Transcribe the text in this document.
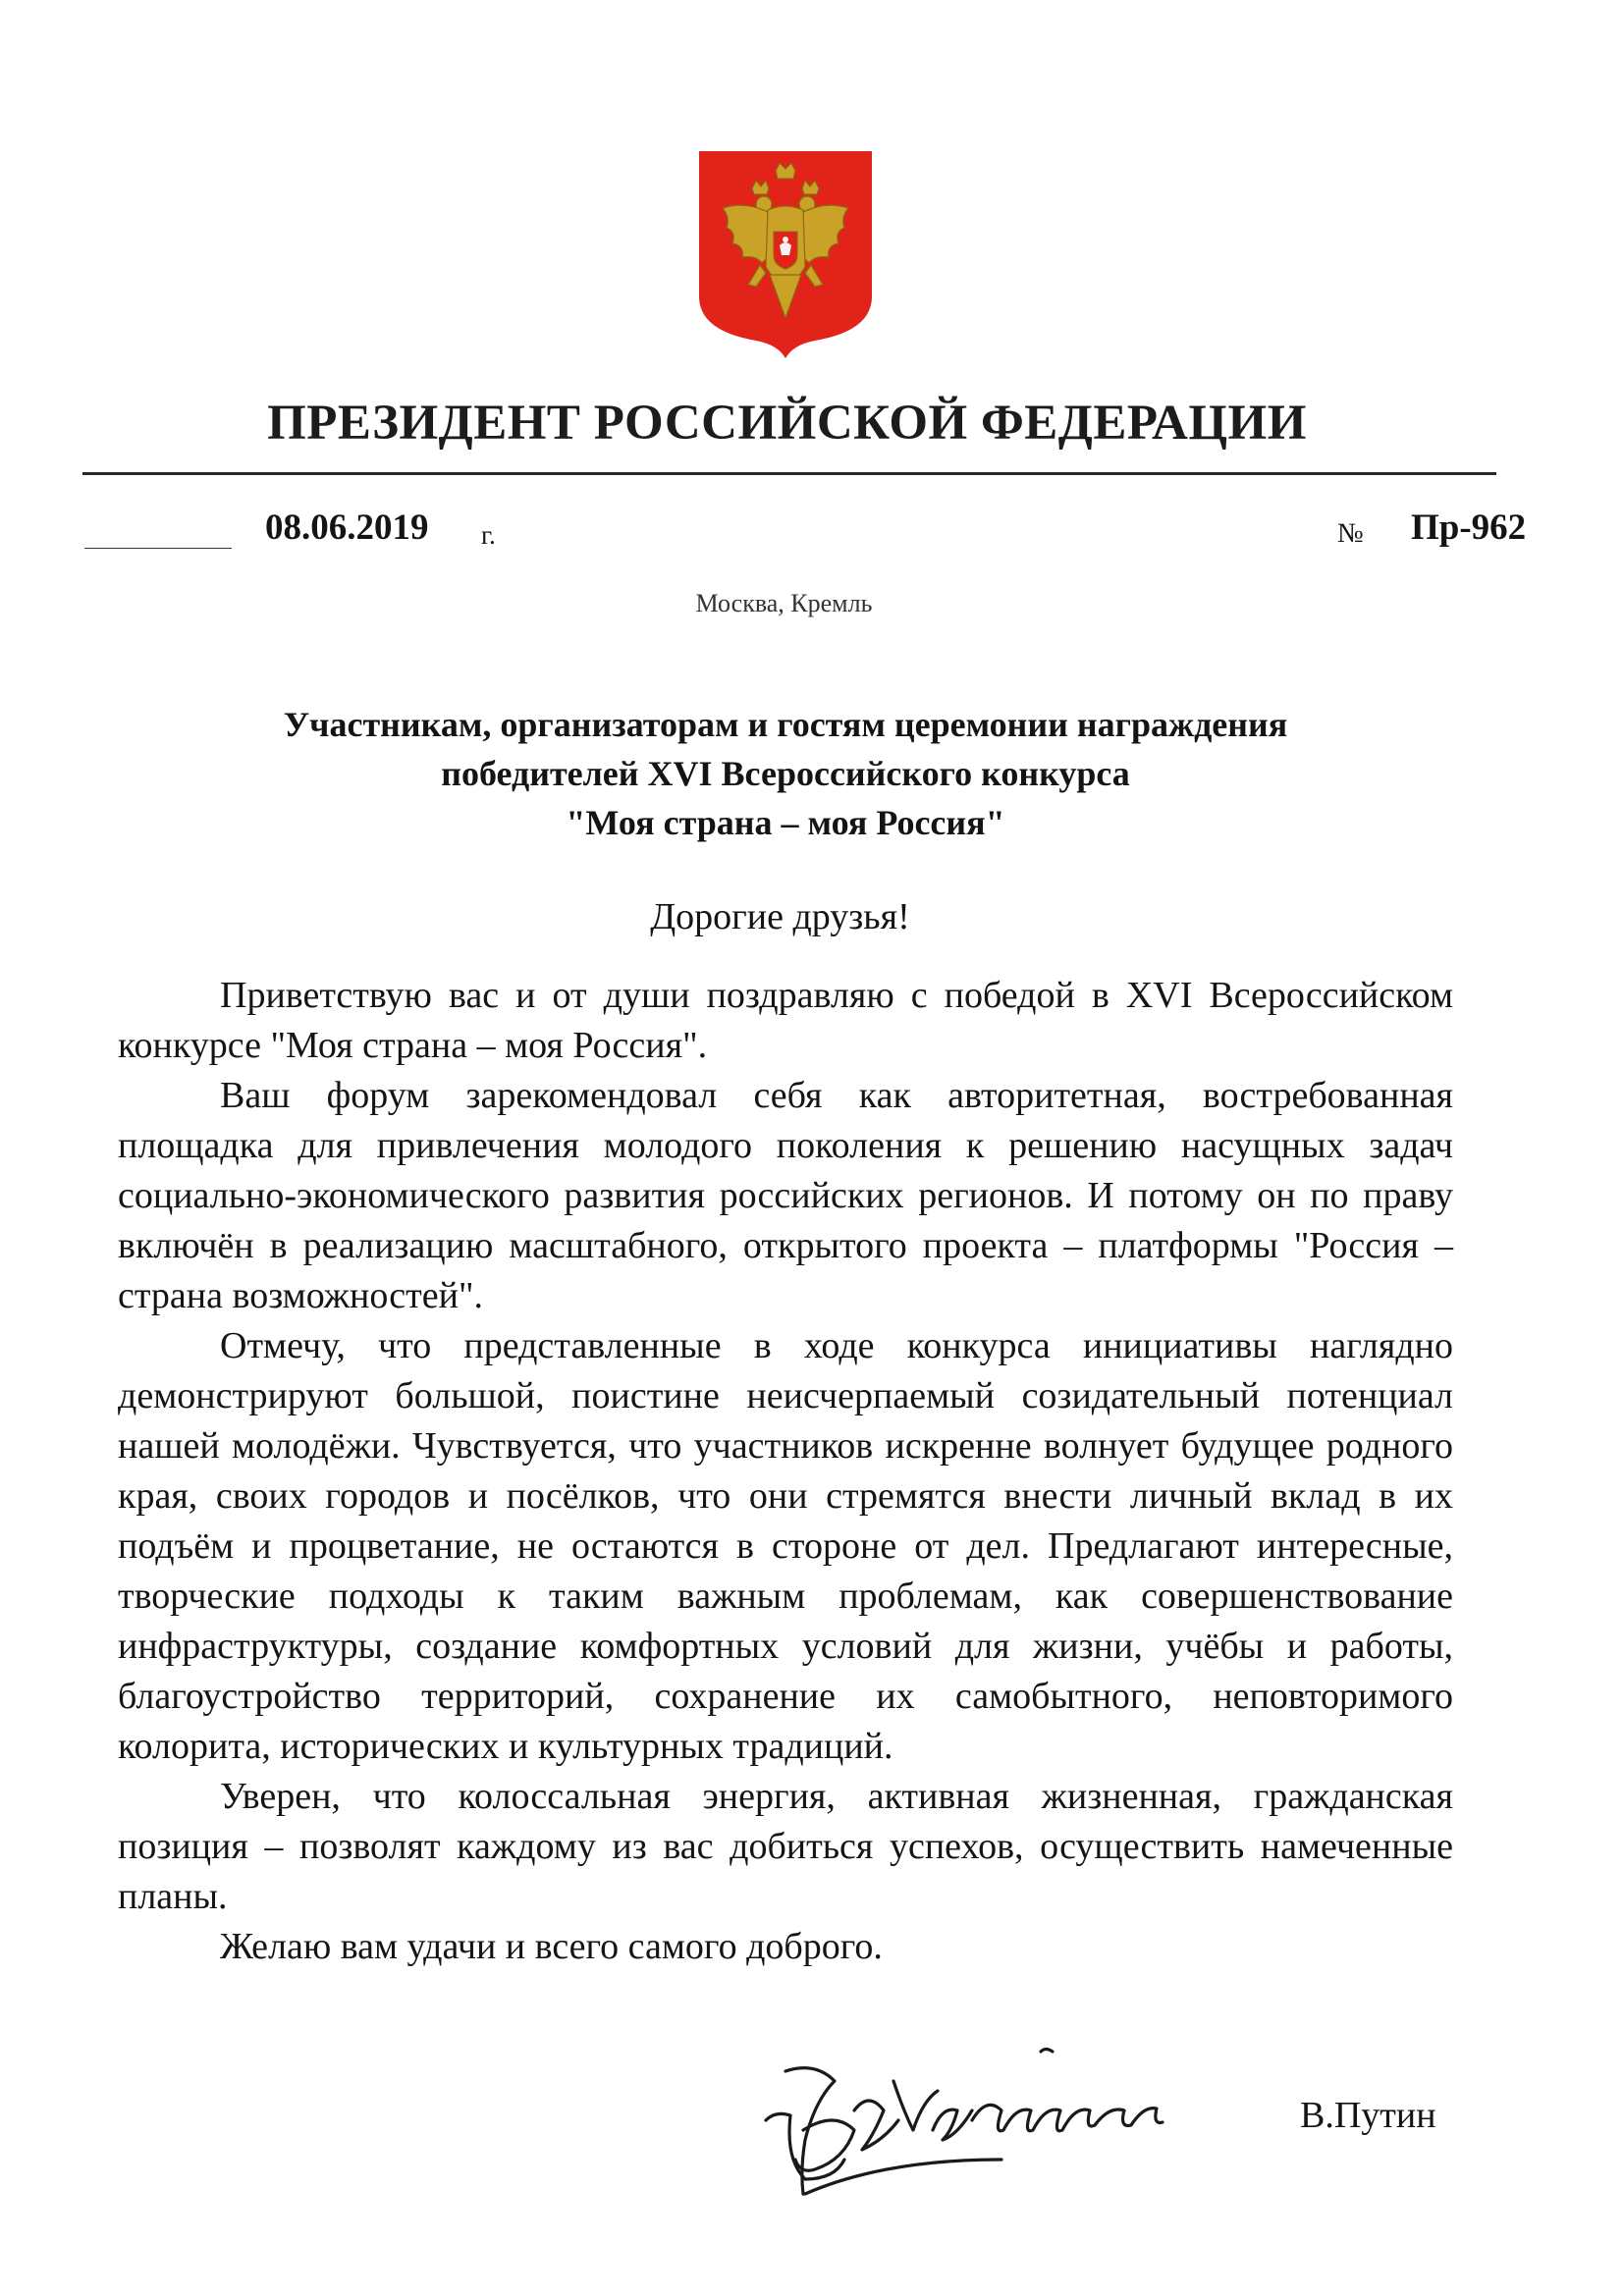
ПРЕЗИДЕНТ РОССИЙСКОЙ ФЕДЕРАЦИИ
08.06.2019 г.	№ Пр-962
Москва, Кремль
Участникам, организаторам и гостям церемонии награждения
победителей XVI Всероссийского конкурса
"Моя страна – моя Россия"
Дорогие друзья!

Приветствую вас и от души поздравляю с победой в XVI Всероссийском конкурсе "Моя страна – моя Россия".

Ваш форум зарекомендовал себя как авторитетная, востребованная площадка для привлечения молодого поколения к решению насущных задач социально-экономического развития российских регионов. И потому он по праву включён в реализацию масштабного, открытого проекта – платформы "Россия – страна возможностей".

Отмечу, что представленные в ходе конкурса инициативы наглядно демонстрируют большой, поистине неисчерпаемый созидательный потенциал нашей молодёжи. Чувствуется, что участников искренне волнует будущее родного края, своих городов и посёлков, что они стремятся внести личный вклад в их подъём и процветание, не остаются в стороне от дел. Предлагают интересные, творческие подходы к таким важным проблемам, как совершенствование инфраструктуры, создание комфортных условий для жизни, учёбы и работы, благоустройство территорий, сохранение их самобытного, неповторимого колорита, исторических и культурных традиций.

Уверен, что колоссальная энергия, активная жизненная, гражданская позиция – позволят каждому из вас добиться успехов, осуществить намеченные планы.

Желаю вам удачи и всего самого доброго.

В.Путин
